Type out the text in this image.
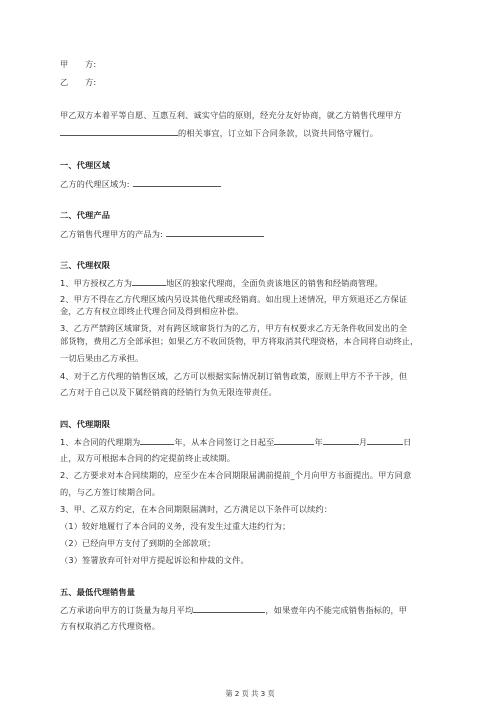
甲　　方:
乙　　方:
甲乙双方本着平等自愿、互惠互利、诚实守信的原则，经充分友好协商，就乙方销售代理甲方
的相关事宜，订立如下合同条款，以资共同恪守履行。
一、代理区域
乙方的代理区域为:
二、代理产品
乙方销售代理甲方的产品为:
三、代理权限
1、甲方授权乙方为	地区的独家代理商，全面负责该地区的销售和经销商管理。
2、甲方不得在乙方代理区域内另设其他代理或经销商。如出现上述情况，甲方须退还乙方保证
金，乙方有权立即终止代理合同及得到相应补偿。
3、乙方严禁跨区域窜货，对有跨区域窜货行为的乙方，甲方有权要求乙方无条件收回发出的全
部货物，费用乙方全部承担；如果乙方不收回货物，甲方将取消其代理资格，本合同将自动终止，
一切后果由乙方承担。
4、对于乙方代理的销售区域，乙方可以根据实际情况制订销售政策，原则上甲方不予干涉，但
乙方对于自己以及下属经销商的经销行为负无限连带责任。
四、代理期限
1、本合同的代理期为	年，从本合同签订之日起至	年	月	日
止，双方可根据本合同的约定提前终止或续期。
2、乙方要求对本合同续期的，应至少在本合同期限届满前提前_个月向甲方书面提出。甲方同意
的，与乙方签订续期合同。
3、甲、乙双方约定，在本合同期限届满时，乙方满足以下条件可以续约：
（1）较好地履行了本合同的义务，没有发生过重大违约行为；
（2）已经向甲方支付了到期的全部款项；
（3）签署放弃可针对甲方提起诉讼和仲裁的文件。
五、最低代理销售量
乙方承诺向甲方的订货量为每月平均	，如果壹年内不能完成销售指标的，甲
方有权取消乙方代理资格。
第 2 页 共 3 页
